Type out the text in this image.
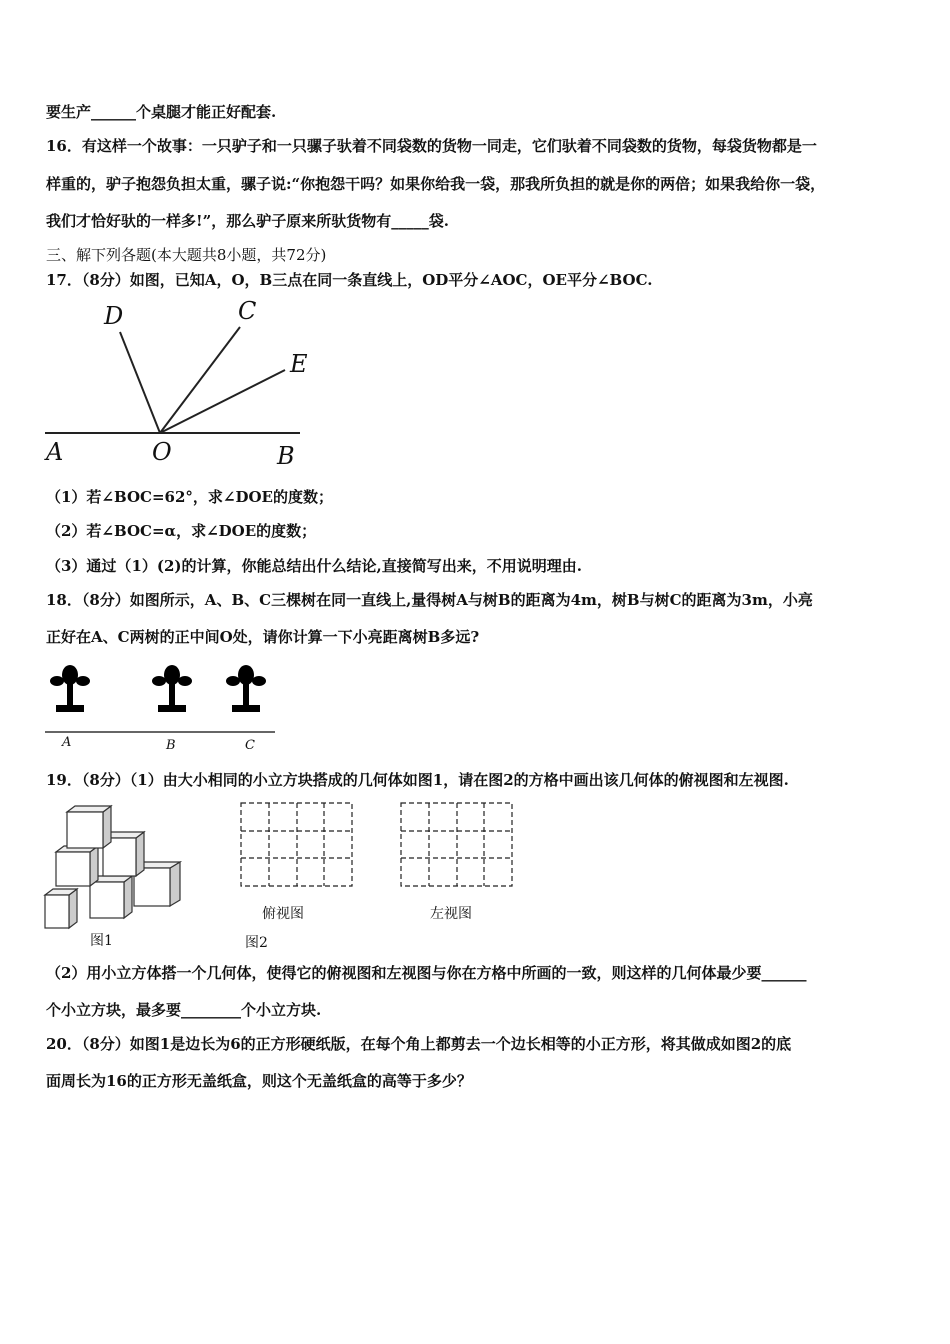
要生产______个桌腿才能正好配套.
16．有这样一个故事：一只驴子和一只骡子驮着不同袋数的货物一同走，它们驮着不同袋数的货物，每袋货物都是一
样重的，驴子抱怨负担太重，骡子说:“你抱怨干吗？如果你给我一袋，那我所负担的就是你的两倍；如果我给你一袋，
我们才恰好驮的一样多!”，那么驴子原来所驮货物有_____袋.
三、解下列各题(本大题共8小题，共72分)
17．（8分）如图，已知A，O，B三点在同一条直线上，OD平分∠AOC，OE平分∠BOC.
D	C
E
A	O	B
（1）若∠BOC=62°，求∠DOE的度数；
（2）若∠BOC=α，求∠DOE的度数；
（3）通过（1）(2)的计算，你能总结出什么结论,直接简写出来，不用说明理由.
18．（8分）如图所示，A、B、C三棵树在同一直线上,量得树A与树B的距离为4m，树B与树C的距离为3m，小亮
正好在A、C两树的正中间O处，请你计算一下小亮距离树B多远?
A	B	C
19．（8分）（1）由大小相同的小立方块搭成的几何体如图1，请在图2的方格中画出该几何体的俯视图和左视图.
图1	图2
俯视图	左视图
（2）用小立方体搭一个几何体，使得它的俯视图和左视图与你在方格中所画的一致，则这样的几何体最少要______
个小立方块，最多要________个小立方块.
20．（8分）如图1是边长为6的正方形硬纸版，在每个角上都剪去一个边长相等的小正方形，将其做成如图2的底
面周长为16的正方形无盖纸盒，则这个无盖纸盒的高等于多少？
